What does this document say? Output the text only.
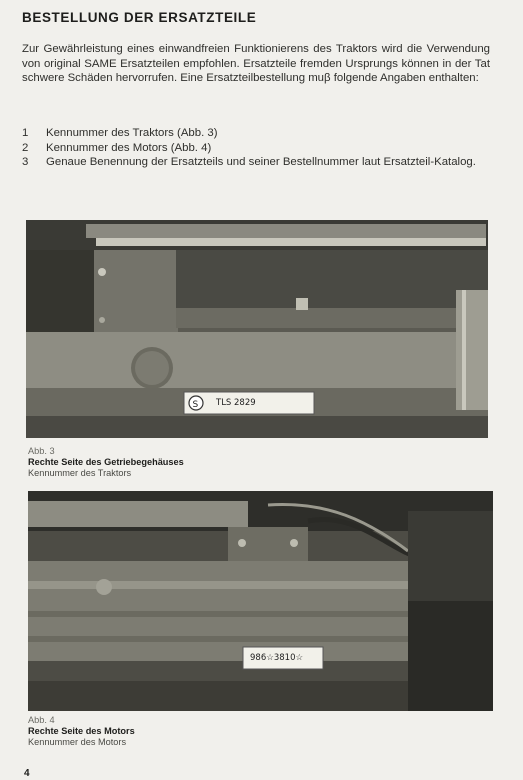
BESTELLUNG DER ERSATZTEILE

Zur Gewährleistung eines einwandfreien Funktionierens des Traktors wird die Verwendung von original SAME Ersatzteilen empfohlen. Ersatzteile fremden Ursprungs können in der Tat schwere Schäden hervorrufen. Eine Ersatzteilbestellung muβ folgende Angaben enthalten:

1 Kennummer des Traktors (Abb. 3)
2 Kennummer des Motors (Abb. 4)
3 Genaue Benennung der Ersatzteils und seiner Bestellnummer laut Ersatzteil-Katalog.
S TLS 2829
Abb. 3
Rechte Seite des Getriebegehäuses
Kennummer des Traktors
986☆3810☆
Abb. 4
Rechte Seite des Motors
Kennummer des Motors
4
